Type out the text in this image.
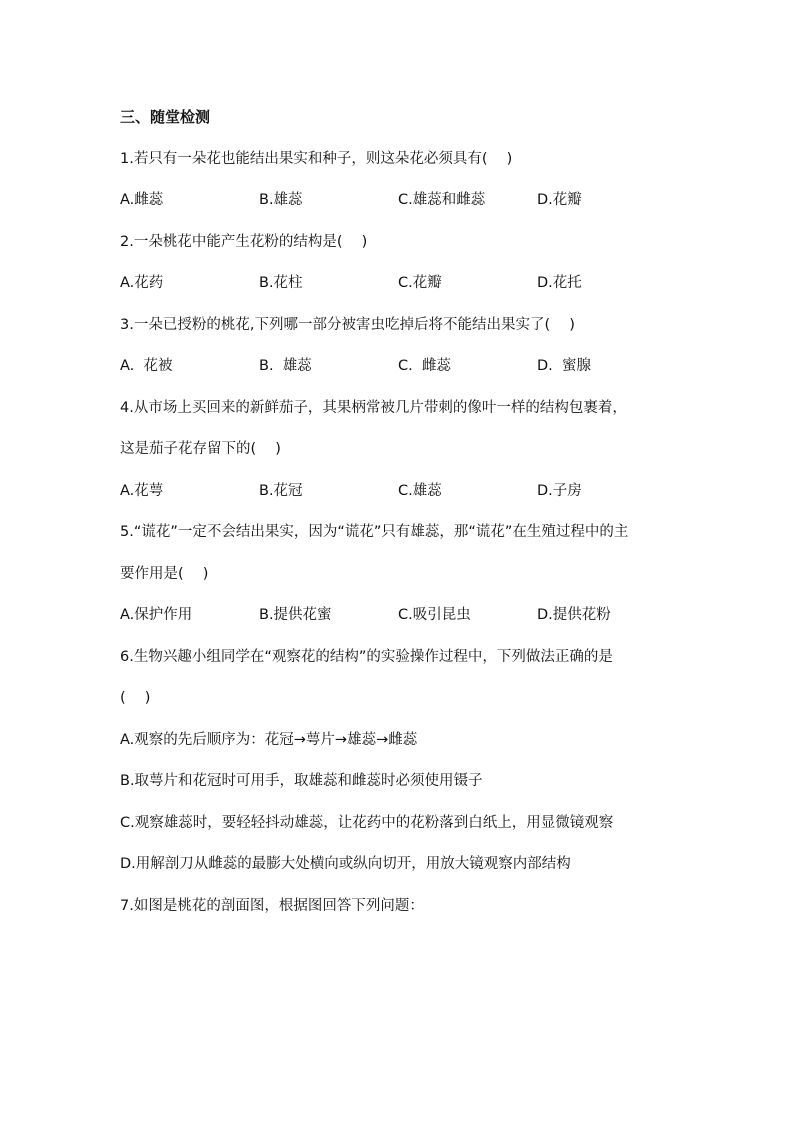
三、随堂检测
1.若只有一朵花也能结出果实和种子，则这朵花必须具有(　 )
A.雌蕊	B.雄蕊	C.雄蕊和雌蕊	D.花瓣
2.一朵桃花中能产生花粉的结构是(　 )
A.花药	B.花柱	C.花瓣	D.花托
3.一朵已授粉的桃花,下列哪一部分被害虫吃掉后将不能结出果实了(　 )
A.  花被	B.  雄蕊	C.  雌蕊	D.  蜜腺
4.从市场上买回来的新鲜茄子，其果柄常被几片带刺的像叶一样的结构包裹着，
这是茄子花存留下的(　 )
A.花萼	B.花冠	C.雄蕊	D.子房
5.“谎花”一定不会结出果实，因为“谎花”只有雄蕊，那“谎花”在生殖过程中的主
要作用是(　 )
A.保护作用	B.提供花蜜	C.吸引昆虫	D.提供花粉
6.生物兴趣小组同学在“观察花的结构”的实验操作过程中，下列做法正确的是
(　 )
A.观察的先后顺序为：花冠→萼片→雄蕊→雌蕊
B.取萼片和花冠时可用手，取雄蕊和雌蕊时必须使用镊子
C.观察雄蕊时，要轻轻抖动雄蕊，让花药中的花粉落到白纸上，用显微镜观察
D.用解剖刀从雌蕊的最膨大处横向或纵向切开，用放大镜观察内部结构
7.如图是桃花的剖面图，根据图回答下列问题：
